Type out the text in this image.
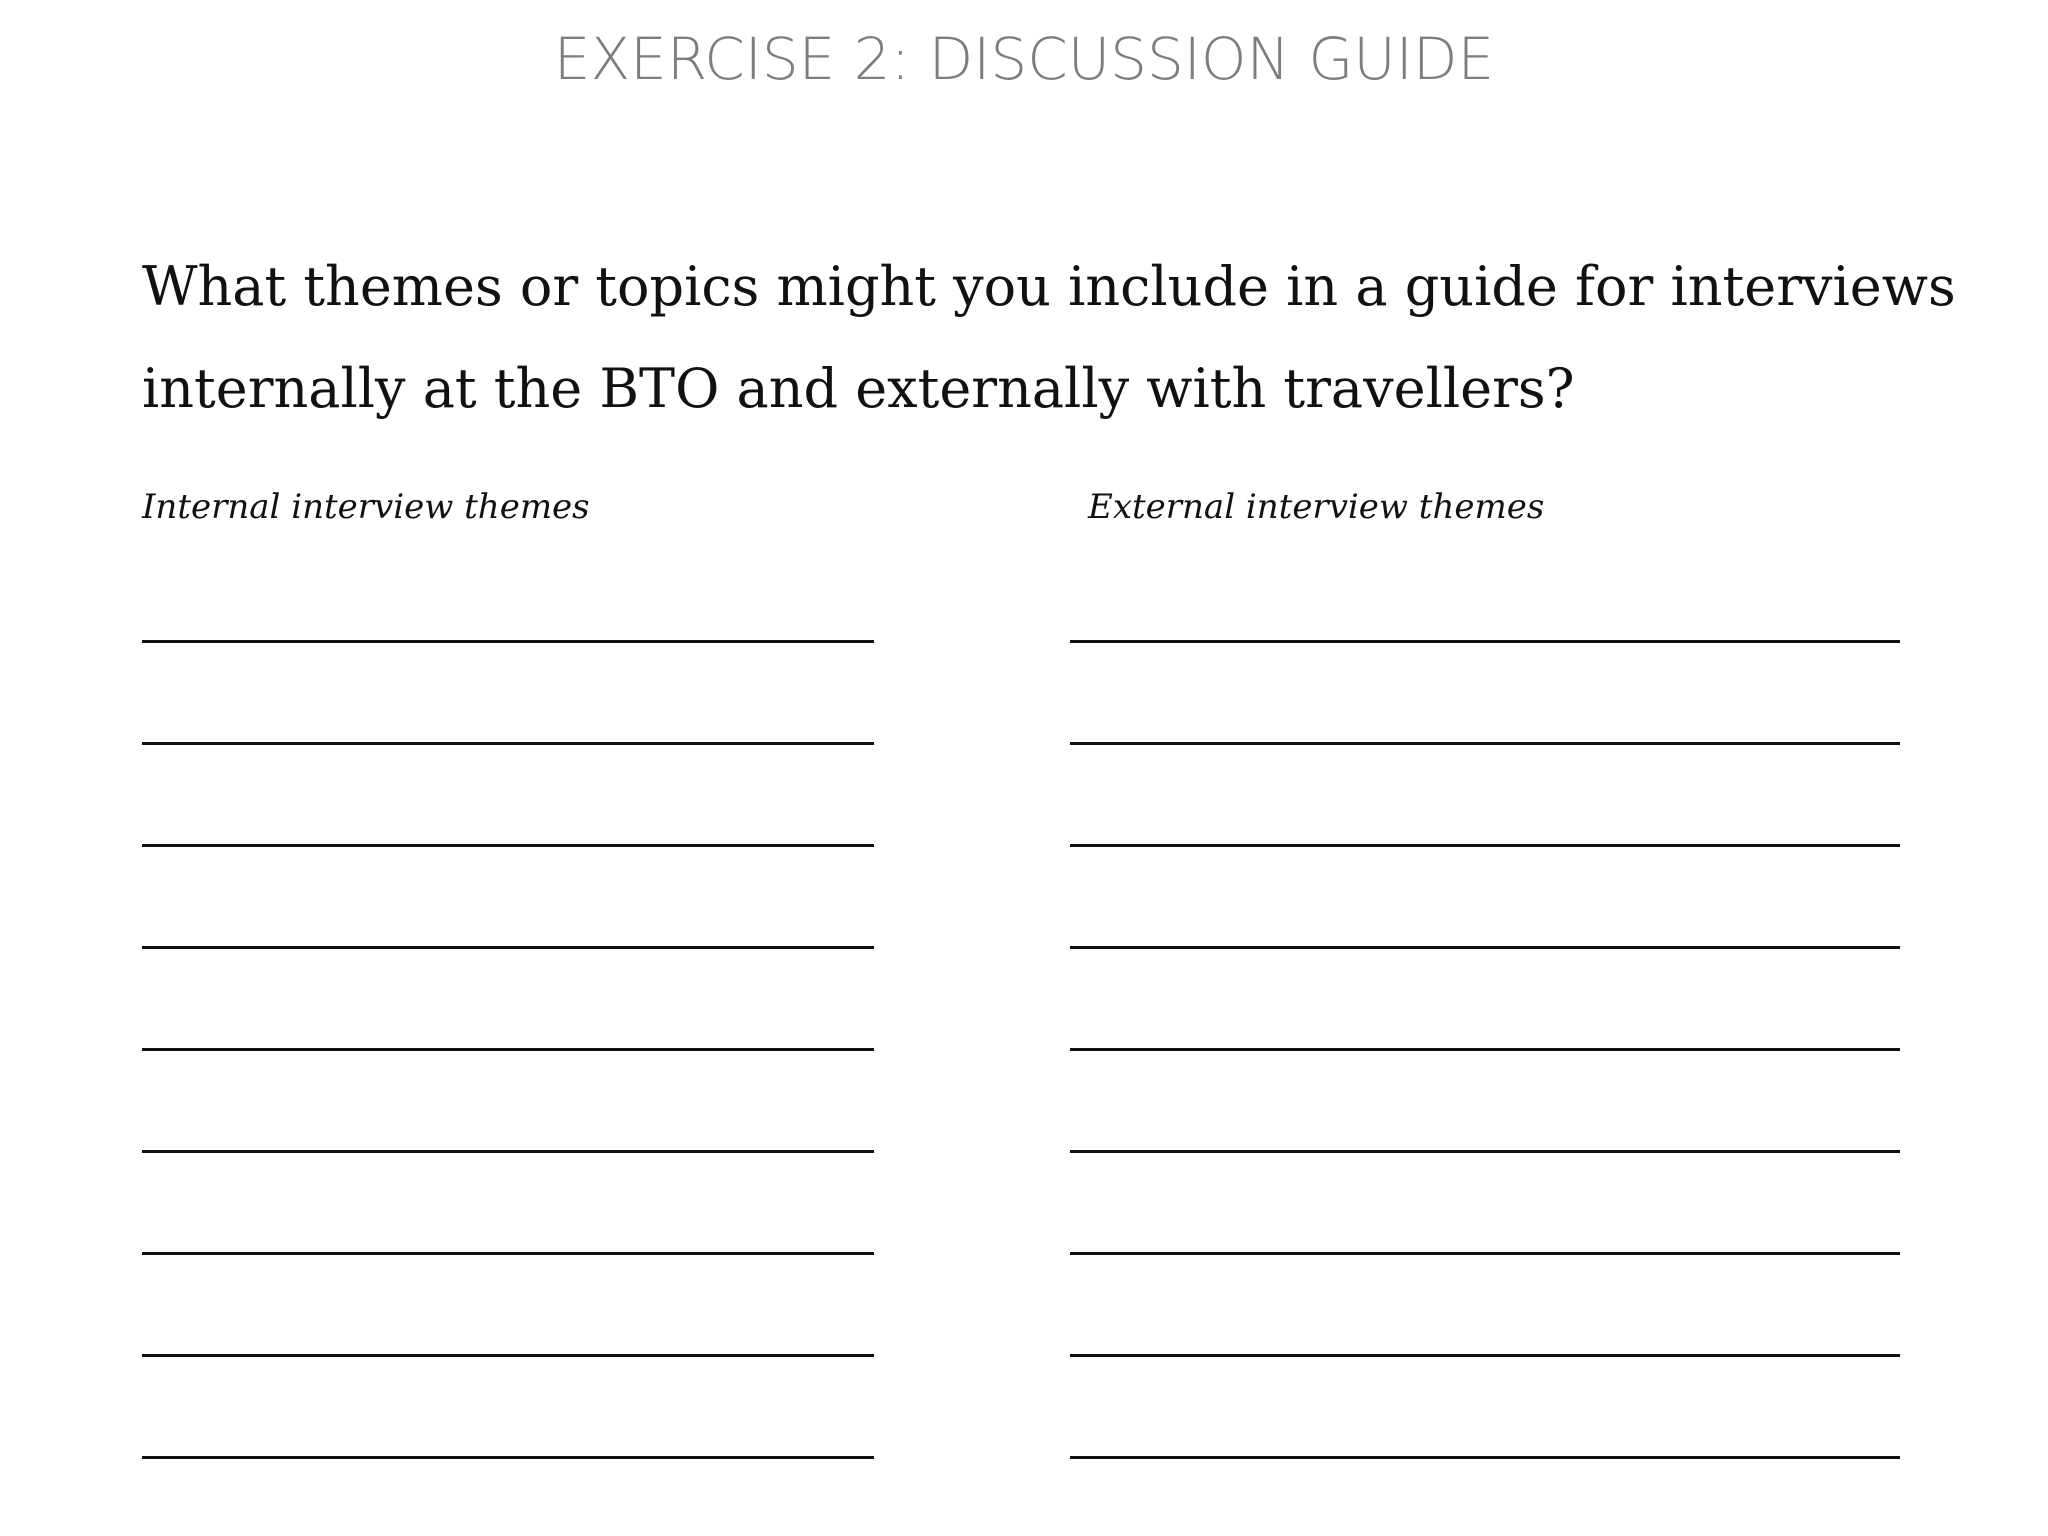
EXERCISE 2: DISCUSSION GUIDE

What themes or topics might you include in a guide for interviews internally at the BTO and externally with travellers?

Internal interview themes	External interview themes
